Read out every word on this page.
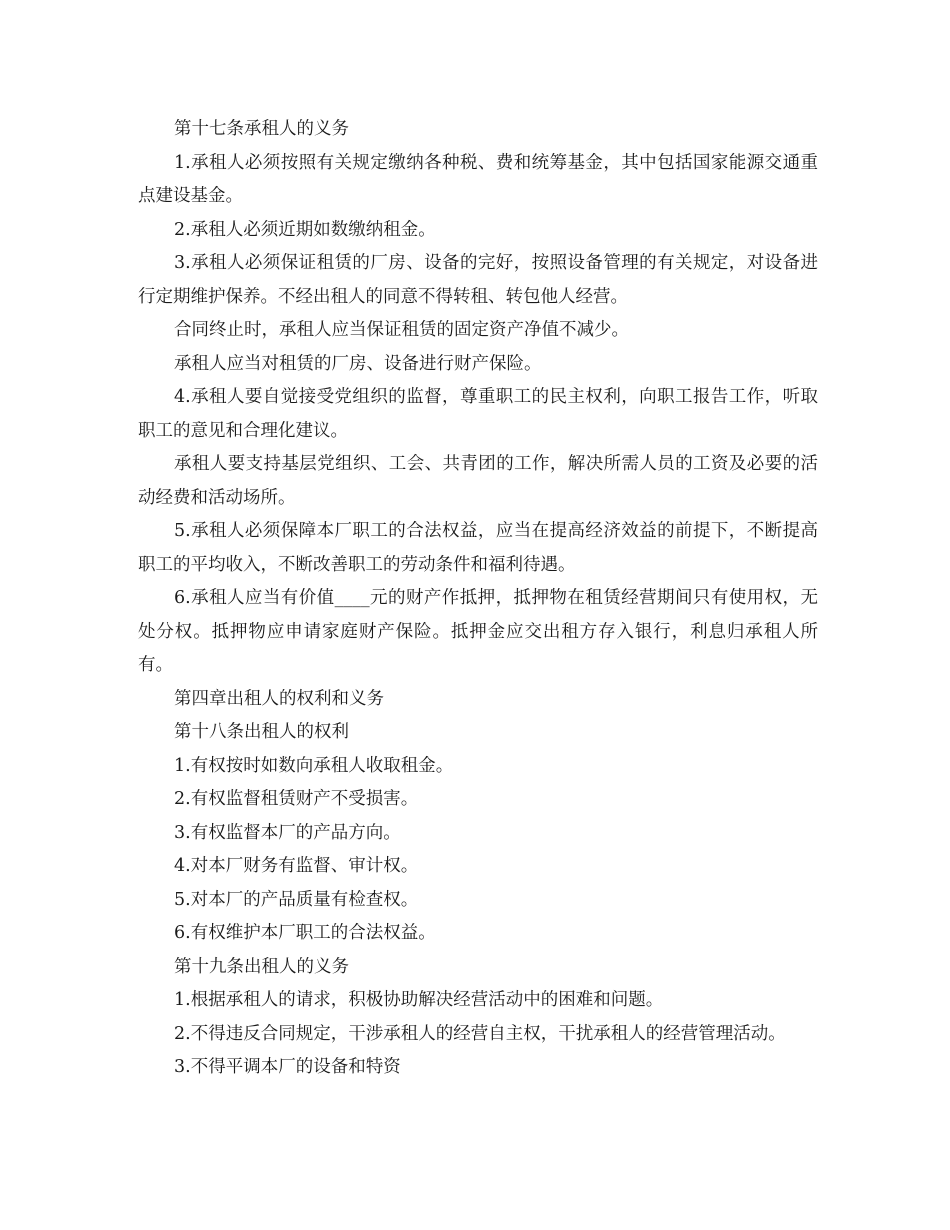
第十七条承租人的义务

1.承租人必须按照有关规定缴纳各种税、费和统筹基金，其中包括国家能源交通重点建设基金。

2.承租人必须近期如数缴纳租金。

3.承租人必须保证租赁的厂房、设备的完好，按照设备管理的有关规定，对设备进行定期维护保养。不经出租人的同意不得转租、转包他人经营。

合同终止时，承租人应当保证租赁的固定资产净值不减少。

承租人应当对租赁的厂房、设备进行财产保险。

4.承租人要自觉接受党组织的监督，尊重职工的民主权利，向职工报告工作，听取职工的意见和合理化建议。

承租人要支持基层党组织、工会、共青团的工作，解决所需人员的工资及必要的活动经费和活动场所。

5.承租人必须保障本厂职工的合法权益，应当在提高经济效益的前提下，不断提高职工的平均收入，不断改善职工的劳动条件和福利待遇。

6.承租人应当有价值____元的财产作抵押，抵押物在租赁经营期间只有使用权，无处分权。抵押物应申请家庭财产保险。抵押金应交出租方存入银行，利息归承租人所有。

第四章出租人的权利和义务

第十八条出租人的权利

1.有权按时如数向承租人收取租金。

2.有权监督租赁财产不受损害。

3.有权监督本厂的产品方向。

4.对本厂财务有监督、审计权。

5.对本厂的产品质量有检查权。

6.有权维护本厂职工的合法权益。

第十九条出租人的义务

1.根据承租人的请求，积极协助解决经营活动中的困难和问题。

2.不得违反合同规定，干涉承租人的经营自主权，干扰承租人的经营管理活动。

3.不得平调本厂的设备和特资
